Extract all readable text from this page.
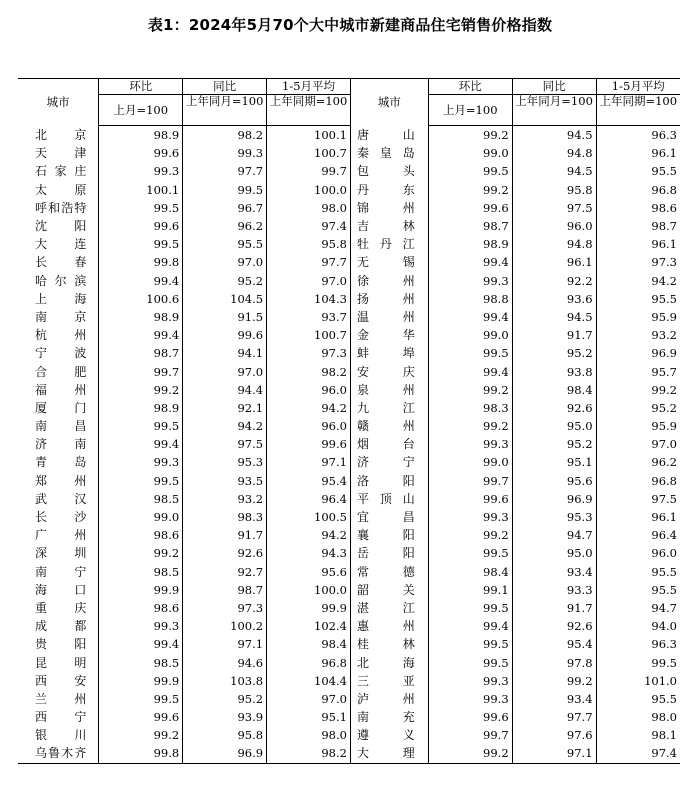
表1：2024年5月70个大中城市新建商品住宅销售价格指数
城市	环比	同比	1-5月平均	城市	环比	同比	1-5月平均
	上月=100	上年同月=100	上年同期=100		上月=100	上年同月=100	上年同期=100
北京	98.9	98.2	100.1	唐山	99.2	94.5	96.3
天津	99.6	99.3	100.7	秦皇岛	99.0	94.8	96.1
石家庄	99.3	97.7	99.7	包头	99.5	94.5	95.5
太原	100.1	99.5	100.0	丹东	99.2	95.8	96.8
呼和浩特	99.5	96.7	98.0	锦州	99.6	97.5	98.6
沈阳	99.6	96.2	97.4	吉林	98.7	96.0	98.7
大连	99.5	95.5	95.8	牡丹江	98.9	94.8	96.1
长春	99.8	97.0	97.7	无锡	99.4	96.1	97.3
哈尔滨	99.4	95.2	97.0	徐州	99.3	92.2	94.2
上海	100.6	104.5	104.3	扬州	98.8	93.6	95.5
南京	98.9	91.5	93.7	温州	99.4	94.5	95.9
杭州	99.4	99.6	100.7	金华	99.0	91.7	93.2
宁波	98.7	94.1	97.3	蚌埠	99.5	95.2	96.9
合肥	99.7	97.0	98.2	安庆	99.4	93.8	95.7
福州	99.2	94.4	96.0	泉州	99.2	98.4	99.2
厦门	98.9	92.1	94.2	九江	98.3	92.6	95.2
南昌	99.5	94.2	96.0	赣州	99.2	95.0	95.9
济南	99.4	97.5	99.6	烟台	99.3	95.2	97.0
青岛	99.3	95.3	97.1	济宁	99.0	95.1	96.2
郑州	99.5	93.5	95.4	洛阳	99.7	95.6	96.8
武汉	98.5	93.2	96.4	平顶山	99.6	96.9	97.5
长沙	99.0	98.3	100.5	宜昌	99.3	95.3	96.1
广州	98.6	91.7	94.2	襄阳	99.2	94.7	96.4
深圳	99.2	92.6	94.3	岳阳	99.5	95.0	96.0
南宁	98.5	92.7	95.6	常德	98.4	93.4	95.5
海口	99.9	98.7	100.0	韶关	99.1	93.3	95.5
重庆	98.6	97.3	99.9	湛江	99.5	91.7	94.7
成都	99.3	100.2	102.4	惠州	99.4	92.6	94.0
贵阳	99.4	97.1	98.4	桂林	99.5	95.4	96.3
昆明	98.5	94.6	96.8	北海	99.5	97.8	99.5
西安	99.9	103.8	104.4	三亚	99.3	99.2	101.0
兰州	99.5	95.2	97.0	泸州	99.3	93.4	95.5
西宁	99.6	93.9	95.1	南充	99.6	97.7	98.0
银川	99.2	95.8	98.0	遵义	99.7	97.6	98.1
乌鲁木齐	99.8	96.9	98.2	大理	99.2	97.1	97.4
